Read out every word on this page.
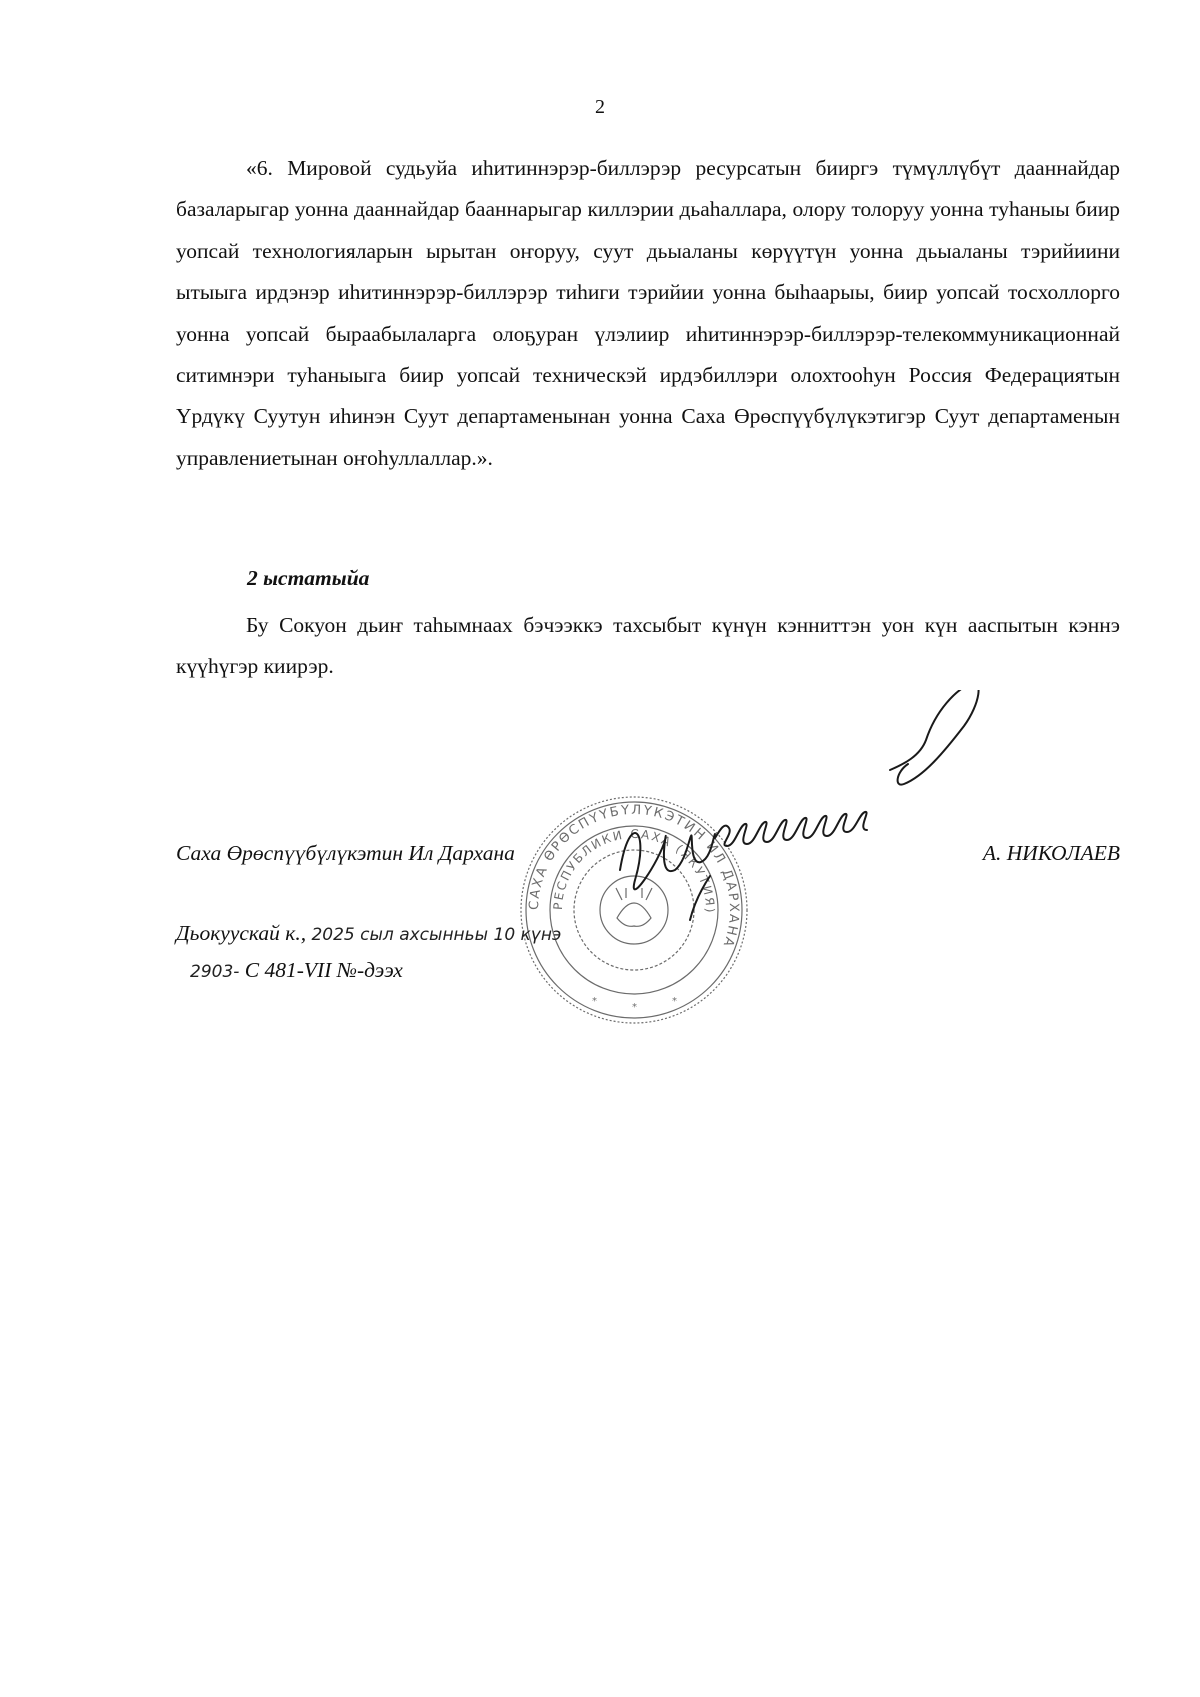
2
«6. Мировой судьуйа иһитиннэрэр-биллэрэр ресурсатын бииргэ түмүллүбүт дааннайдар базаларыгар уонна дааннайдар бааннарыгар киллэрии дьаһаллара, олору толоруу уонна туһаныы биир уопсай технологияларын ырытан оҥоруу, суут дьыаланы көрүүтүн уонна дьыаланы тэрийиини ытыыга ирдэнэр иһитиннэрэр-биллэрэр тиһиги тэрийии уонна быһаарыы, биир уопсай тосхоллорго уонна уопсай быраабылаларга олоҕуран үлэлиир иһитиннэрэр-биллэрэр-телекоммуникационнай ситимнэри туһаныыга биир уопсай техническэй ирдэбиллэри олохтооһун Россия Федерациятын Үрдүкү Суутун иһинэн Суут департаменынан уонна Саха Өрөспүүбүлүкэтигэр Суут департаменын управлениетынан оҥоһуллаллар.».
2 ыстатыйа
Бу Сокуон дьиҥ таһымнаах бэчээккэ тахсыбыт күнүн кэнниттэн уон күн ааспытын кэннэ күүһүгэр киирэр.
САХА ӨРӨСПҮҮБҮЛҮКЭТИН ИЛ ДАРХАНА
РЕСПУБЛИКИ САХА (ЯКУТИЯ)
*
*
*
Саха Өрөспүүбүлүкэтин Ил Дархана	А. НИКОЛАЕВ
Дьокуускай к., 2025 сыл ахсынньы 10 күнэ
2903- С 481-VII №-дээх
